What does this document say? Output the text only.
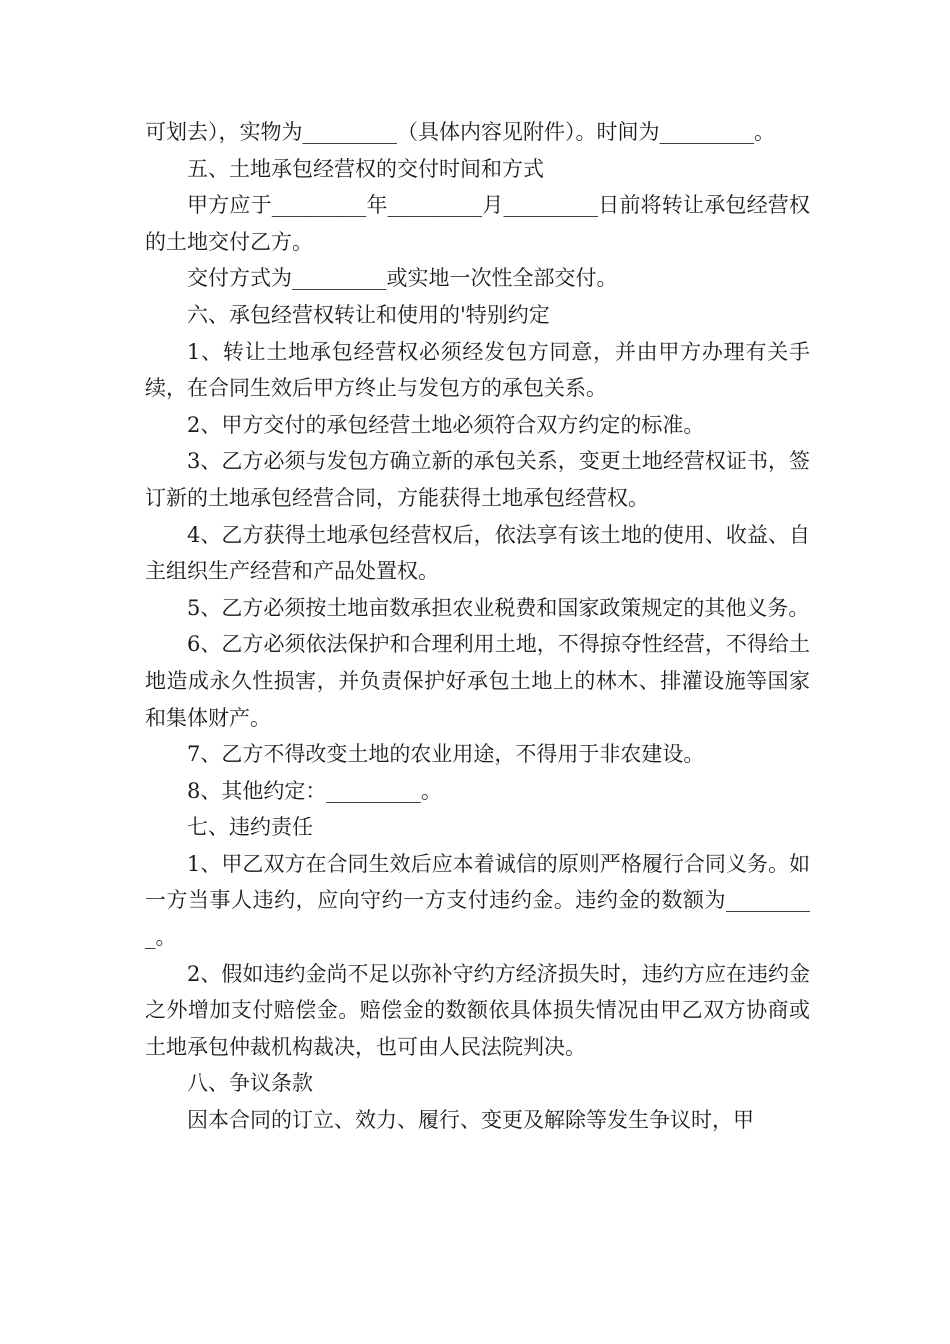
可划去），实物为_________（具体内容见附件）。时间为_________。

五、土地承包经营权的交付时间和方式

甲方应于_________年_________月_________日前将转让承包经营权的土地交付乙方。

交付方式为_________或实地一次性全部交付。

六、承包经营权转让和使用的'特别约定

1、转让土地承包经营权必须经发包方同意，并由甲方办理有关手续，在合同生效后甲方终止与发包方的承包关系。

2、甲方交付的承包经营土地必须符合双方约定的标准。

3、乙方必须与发包方确立新的承包关系，变更土地经营权证书，签订新的土地承包经营合同，方能获得土地承包经营权。

4、乙方获得土地承包经营权后，依法享有该土地的使用、收益、自主组织生产经营和产品处置权。

5、乙方必须按土地亩数承担农业税费和国家政策规定的其他义务。

6、乙方必须依法保护和合理利用土地，不得掠夺性经营，不得给土地造成永久性损害，并负责保护好承包土地上的林木、排灌设施等国家和集体财产。

7、乙方不得改变土地的农业用途，不得用于非农建设。

8、其他约定：_________。

七、违约责任

1、甲乙双方在合同生效后应本着诚信的原则严格履行合同义务。如一方当事人违约，应向守约一方支付违约金。违约金的数额为_________。

2、假如违约金尚不足以弥补守约方经济损失时，违约方应在违约金之外增加支付赔偿金。赔偿金的数额依具体损失情况由甲乙双方协商或土地承包仲裁机构裁决，也可由人民法院判决。

八、争议条款

因本合同的订立、效力、履行、变更及解除等发生争议时，甲
